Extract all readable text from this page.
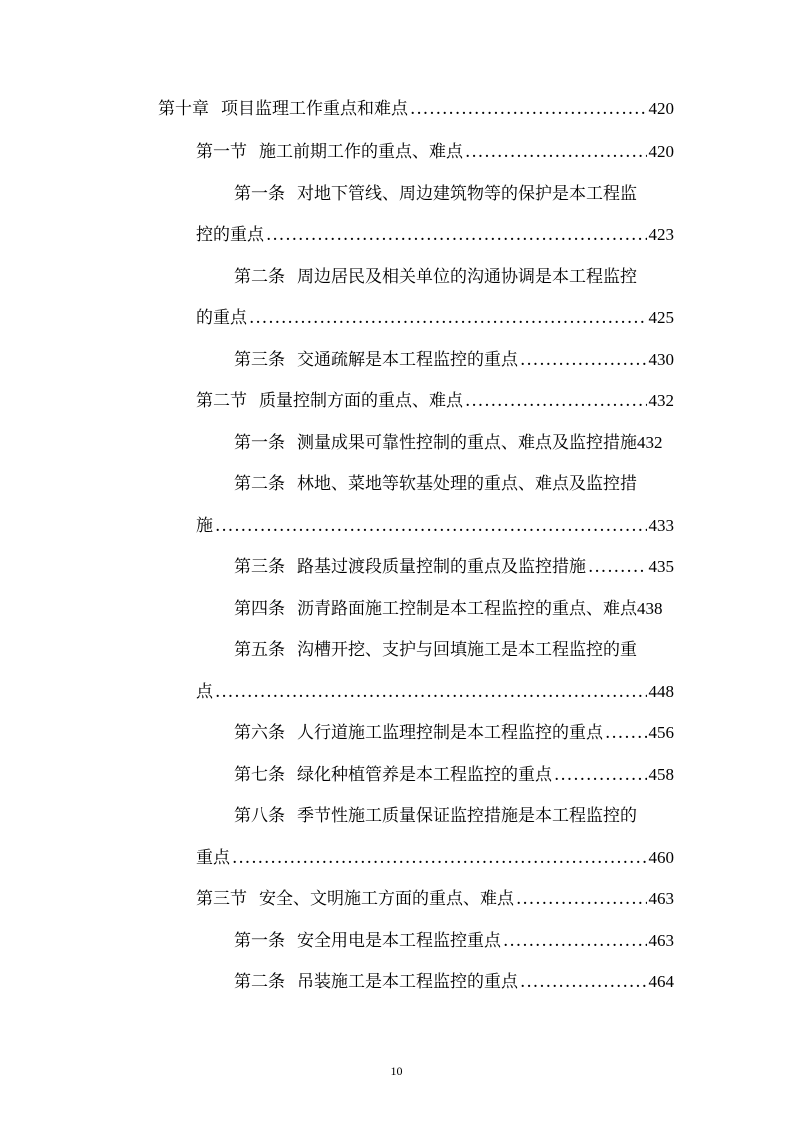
第十章 项目监理工作重点和难点 .....	420
第一节 施工前期工作的重点、难点 .....	420
第一条 对地下管线、周边建筑物等的保护是本工程监
控的重点 .....	423
第二条 周边居民及相关单位的沟通协调是本工程监控
的重点 .....	425
第三条 交通疏解是本工程监控的重点 .....	430
第二节 质量控制方面的重点、难点 .....	432
第一条 测量成果可靠性控制的重点、难点及监控措施432
第二条 林地、菜地等软基处理的重点、难点及监控措
施 .....	433
第三条 路基过渡段质量控制的重点及监控措施 .....	435
第四条 沥青路面施工控制是本工程监控的重点、难点438
第五条 沟槽开挖、支护与回填施工是本工程监控的重
点 .....	448
第六条 人行道施工监理控制是本工程监控的重点 .....	456
第七条 绿化种植管养是本工程监控的重点 .....	458
第八条 季节性施工质量保证监控措施是本工程监控的
重点 .....	460
第三节 安全、文明施工方面的重点、难点 .....	463
第一条 安全用电是本工程监控重点 .....	463
第二条 吊装施工是本工程监控的重点 .....	464
10
